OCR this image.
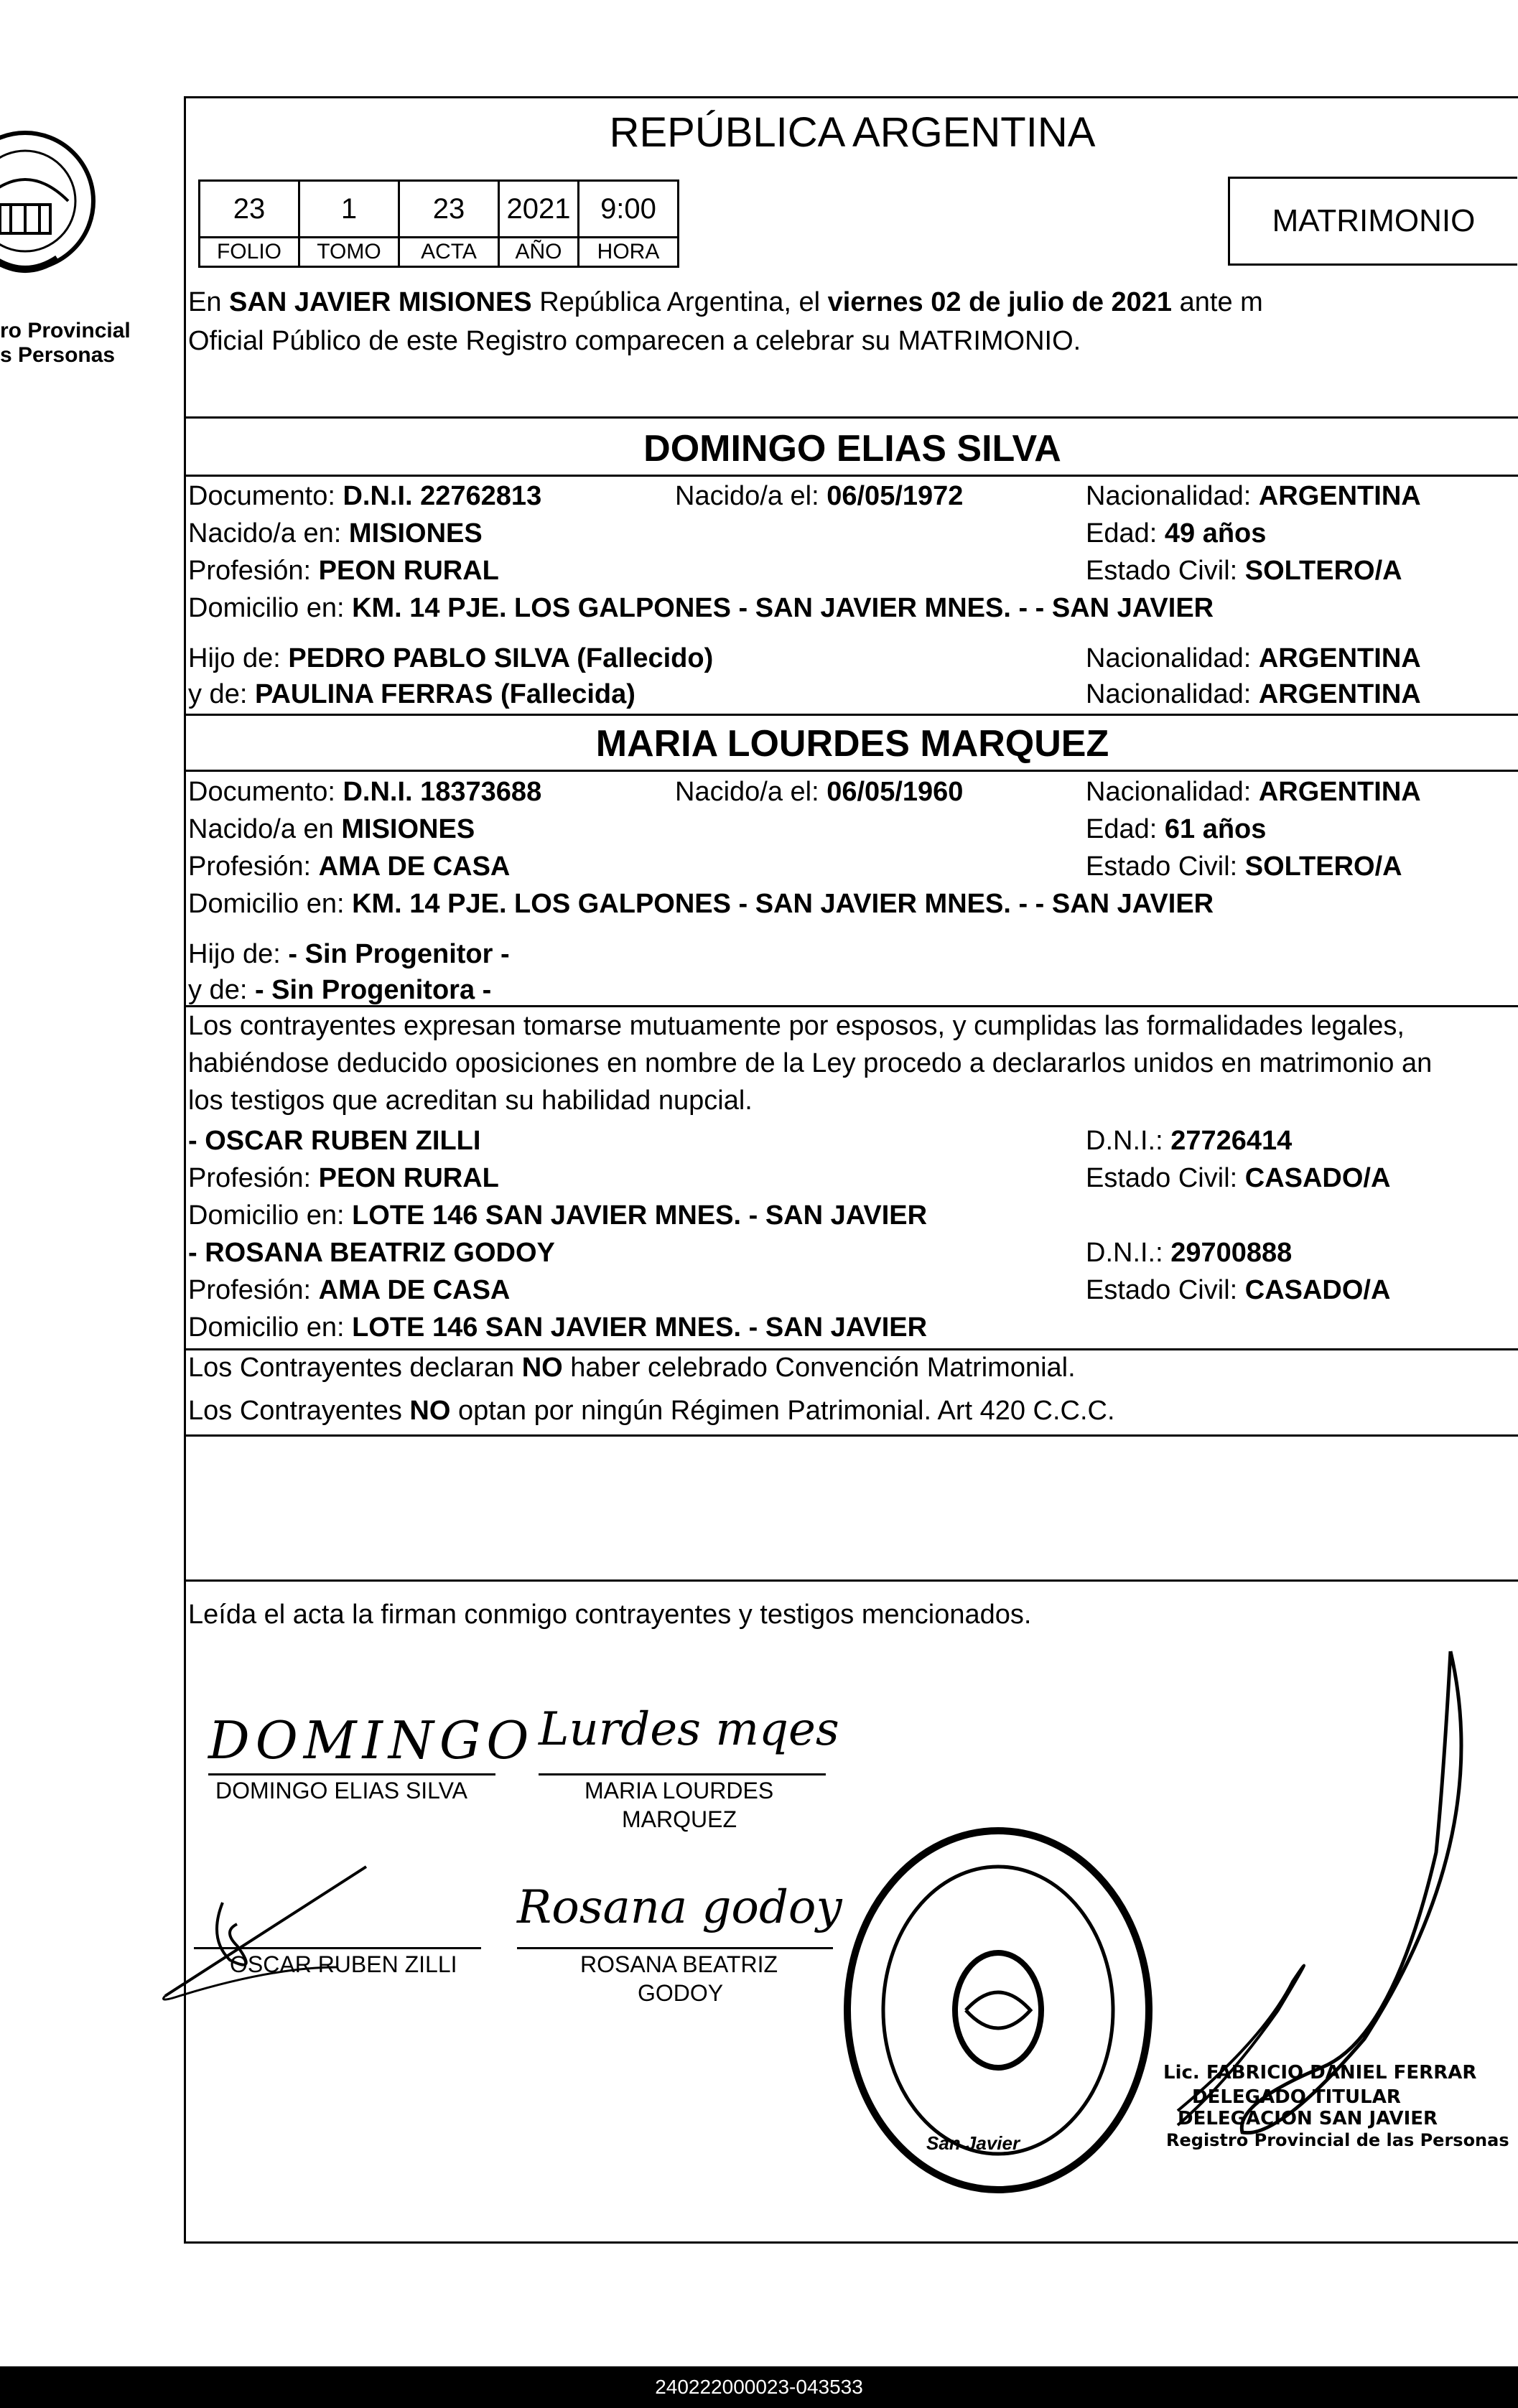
ro Provincial
s Personas
REPÚBLICA ARGENTINA
23	1	23	2021	9:00
FOLIO	TOMO	ACTA	AÑO	HORA
MATRIMONIO
En SAN JAVIER MISIONES República Argentina, el viernes 02 de julio de 2021 ante m
Oficial Público de este Registro comparecen a celebrar su MATRIMONIO.
DOMINGO ELIAS SILVA
Documento: D.N.I. 22762813	Nacido/a el: 06/05/1972	Nacionalidad: ARGENTINA
Nacido/a en: MISIONES	Edad: 49 años
Profesión: PEON RURAL	Estado Civil: SOLTERO/A
Domicilio en: KM. 14 PJE. LOS GALPONES - SAN JAVIER MNES. - - SAN JAVIER
Hijo de: PEDRO PABLO SILVA (Fallecido)	Nacionalidad: ARGENTINA
y de: PAULINA FERRAS (Fallecida)	Nacionalidad: ARGENTINA
MARIA LOURDES MARQUEZ
Documento: D.N.I. 18373688	Nacido/a el: 06/05/1960	Nacionalidad: ARGENTINA
Nacido/a en MISIONES	Edad: 61 años
Profesión: AMA DE CASA	Estado Civil: SOLTERO/A
Domicilio en: KM. 14 PJE. LOS GALPONES - SAN JAVIER MNES. - - SAN JAVIER
Hijo de: - Sin Progenitor -
y de: - Sin Progenitora -
Los contrayentes expresan tomarse mutuamente por esposos, y cumplidas las formalidades legales,
habiéndose deducido oposiciones en nombre de la Ley procedo a declararlos unidos en matrimonio an
los testigos que acreditan su habilidad nupcial.
- OSCAR RUBEN ZILLI	D.N.I.: 27726414
Profesión: PEON RURAL	Estado Civil: CASADO/A
Domicilio en: LOTE 146 SAN JAVIER MNES. - SAN JAVIER
- ROSANA BEATRIZ GODOY	D.N.I.: 29700888
Profesión: AMA DE CASA	Estado Civil: CASADO/A
Domicilio en: LOTE 146 SAN JAVIER MNES. - SAN JAVIER
Los Contrayentes declaran NO haber celebrado Convención Matrimonial.
Los Contrayentes NO optan por ningún Régimen Patrimonial. Art 420 C.C.C.
Leída el acta la firman conmigo contrayentes y testigos mencionados.
DOMINGO Lurdes mqes
Rosana godoy
DOMINGO ELIAS SILVA	MARIA LOURDES
MARQUEZ
OSCAR RUBEN ZILLI	ROSANA BEATRIZ
GODOY
San Javier
Lic. FABRICIO DANIEL FERRAR
DELEGADO TITULAR
DELEGACION SAN JAVIER
Registro Provincial de las Personas
240222000023-043533
